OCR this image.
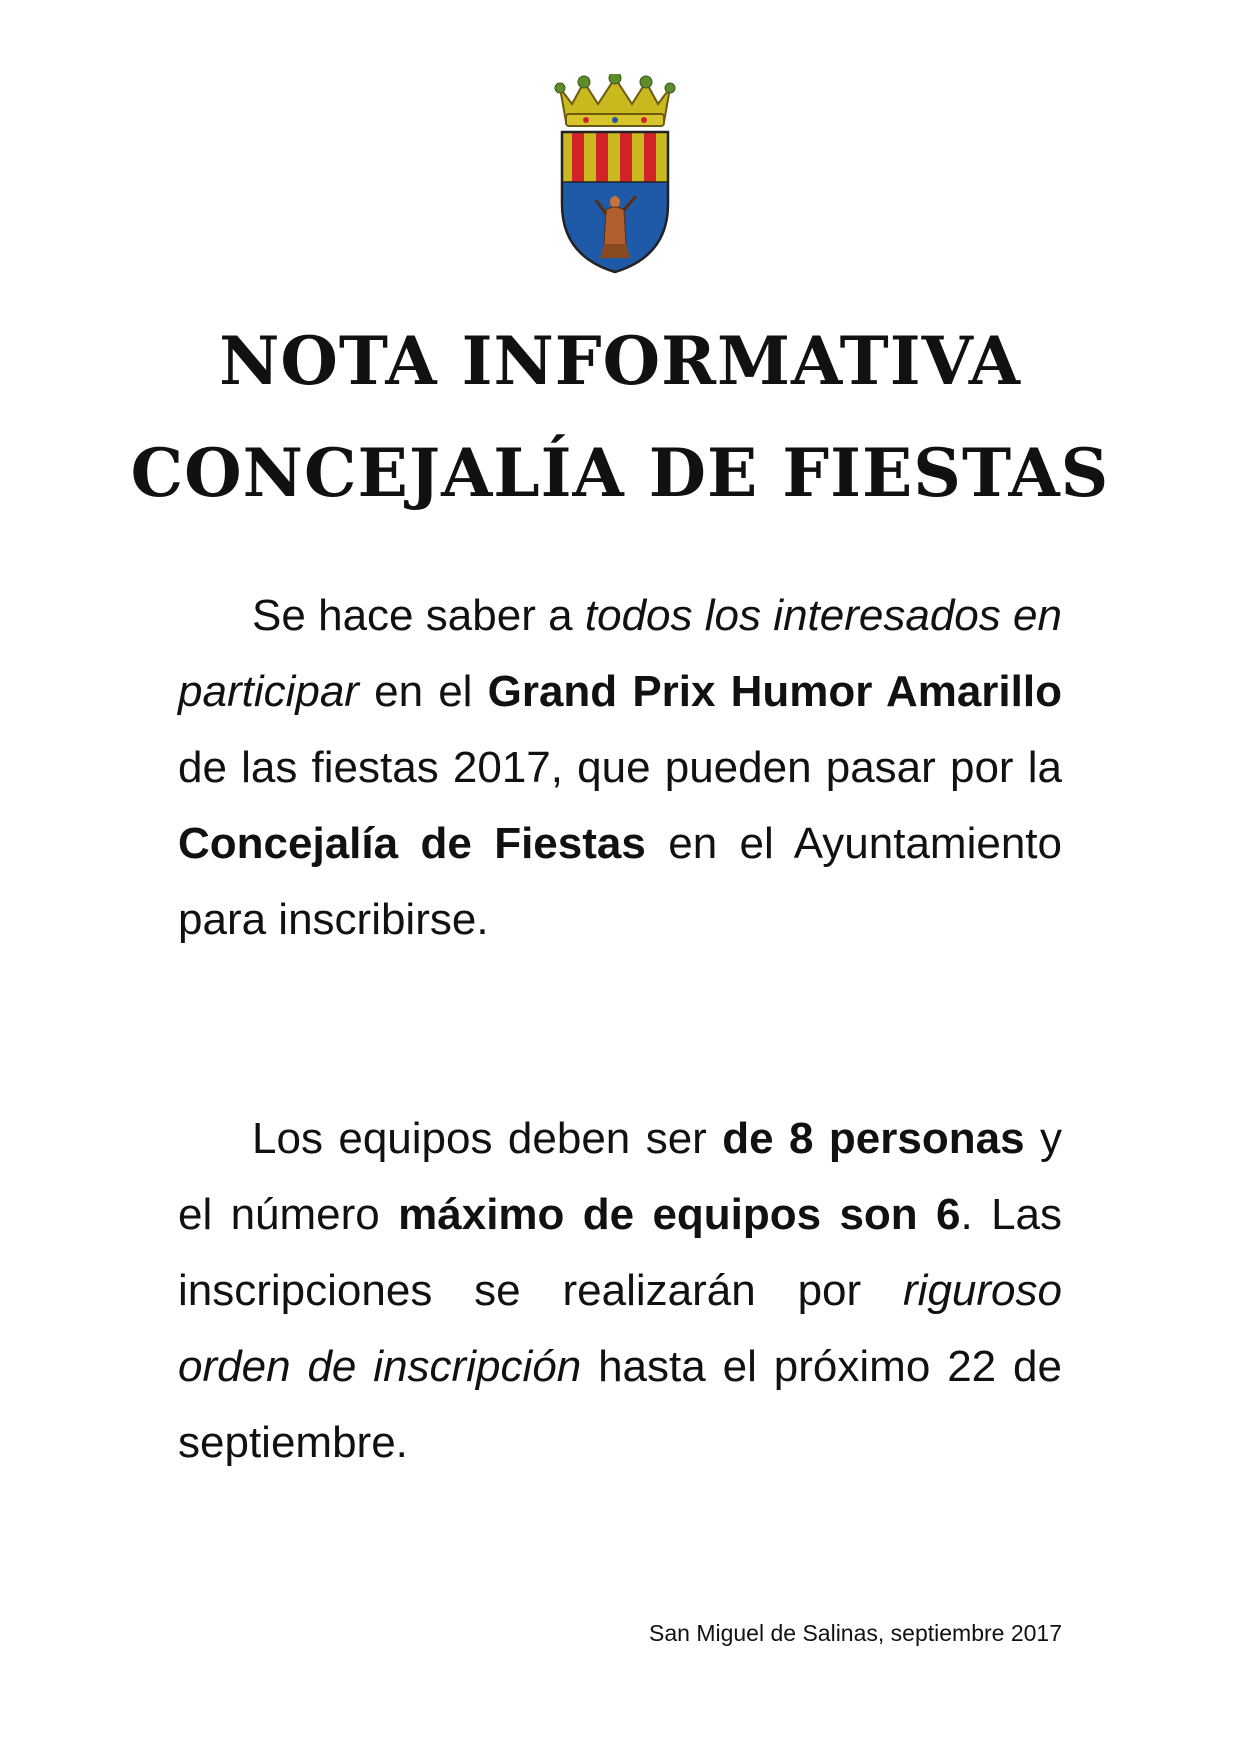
NOTA INFORMATIVA
CONCEJALÍA DE FIESTAS

Se hace saber a todos los interesados en participar en el Grand Prix Humor Amarillo de las fiestas 2017, que pueden pasar por la Concejalía de Fiestas en el Ayuntamiento para inscribirse.

Los equipos deben ser de 8 personas y el número máximo de equipos son 6. Las inscripciones se realizarán por riguroso orden de inscripción hasta el próximo 22 de septiembre.

San Miguel de Salinas, septiembre 2017
